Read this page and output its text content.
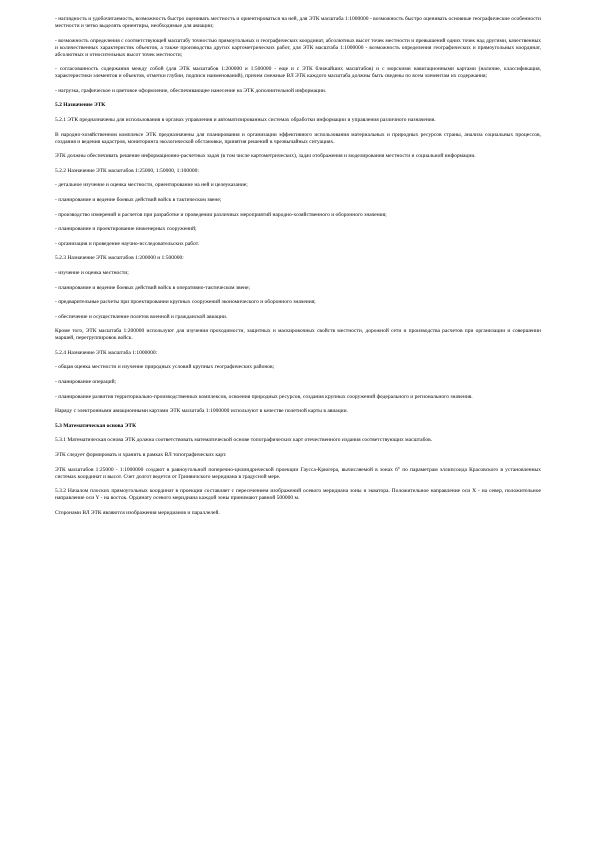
- наглядность и удобочитаемость, возможность быстро оценивать местность и ориентироваться на ней, для ЭТК масштаба 1:1000000 - возможность быстро оценивать основные географические особенности местности и четко выделять ориентиры, необходимые для авиации;

- возможность определения с соответствующей масштабу точностью прямоугольных и географических координат, абсолютных высот точек местности и превышений одних точек над другими, качественных и количественных характеристик объектов, а также производства других картометрических работ, для ЭТК масштаба 1:1000000 - возможность определения географических и прямоугольных координат, абсолютных и относительных высот точек местности;

- согласованность содержания между собой (для ЭТК масштабов 1:200000 и 1:500000 - еще и с ЭТК ближайших масштабов) и с морскими навигационными картами (наличие, классификация, характеристики элементов и объектов, отметки глубин, подписи наименований), причем смежные ВЛ ЭТК каждого масштаба должны быть сведены по всем элементам их содержания;

- нагрузка, графическое и цветовое оформление, обеспечивающее нанесение на ЭТК дополнительной информации.

5.2 Назначение ЭТК

5.2.1 ЭТК предназначены для использования в органах управления и автоматизированных системах обработки информации и управления различного назначения.

В народно-хозяйственном комплексе ЭТК предназначены для планирования и организации эффективного использования материальных и природных ресурсов страны, анализа социальных процессов, создания и ведения кадастров, мониторинга экологической обстановки, принятия решений в чрезвычайных ситуациях.

ЭТК должны обеспечивать решение информационно-расчетных задач (в том числе картометрических), задач отображения и моделирования местности и социальной информации.

5.2.2 Назначение ЭТК масштабов 1:25000, 1:50000, 1:100000:

- детальное изучение и оценка местности, ориентирование на ней и целеуказание;

- планирование и ведение боевых действий войск в тактическом звене;

- производство измерений и расчетов при разработке и проведении различных мероприятий народно-хозяйственного и оборонного значения;

- планирование и проектирование инженерных сооружений;

- организация и проведение научно-исследовательских работ.

5.2.3 Назначение ЭТК масштабов 1:200000 и 1:500000:

- изучение и оценка местности;

- планирование и ведение боевых действий войск в оперативно-тактическом звене;

- предварительные расчеты при проектировании крупных сооружений экономического и оборонного значения;

- обеспечение и осуществление полетов военной и гражданской авиации.

Кроме того, ЭТК масштаба 1:200000 используют для изучения проходимости, защитных и маскировочных свойств местности, дорожной сети и производства расчетов при организации и совершении маршей, перегруппировок войск.

5.2.4 Назначение ЭТК масштаба 1:1000000:

- общая оценка местности и изучение природных условий крупных географических районов;

- планирование операций;

- планирование развития территориально-производственных комплексов, освоения природных ресурсов, создания крупных сооружений федерального и регионального значения.

Наряду с электронными авиационными картами ЭТК масштаба 1:1000000 используют в качестве полетной карты в авиации.

5.3 Математическая основа ЭТК

5.3.1 Математическая основа ЭТК должна соответствовать математической основе топографических карт отечественного издания соответствующих масштабов.

ЭТК следует формировать и хранить в рамках ВЛ топографических карт.

ЭТК масштабов 1:25000 - 1:1000000 создают в равноугольной поперечно-цилиндрической проекции Гаусса-Крюгера, вычисляемой в зонах 6° по параметрам эллипсоида Красовского в установленных системах координат и высот. Счет долгот ведется от Гринвичского меридиана в градусной мере.

5.3.2 Началом плоских прямоугольных координат в проекции составляет с пересечением изображений осевого меридиана зоны и экватора. Положительное направление оси X - на север, положительное направление оси Y - на восток. Ординату осевого меридиана каждой зоны принимают равной 500000 м.

Сторонами ВЛ ЭТК являются изображения меридианов и параллелей.
